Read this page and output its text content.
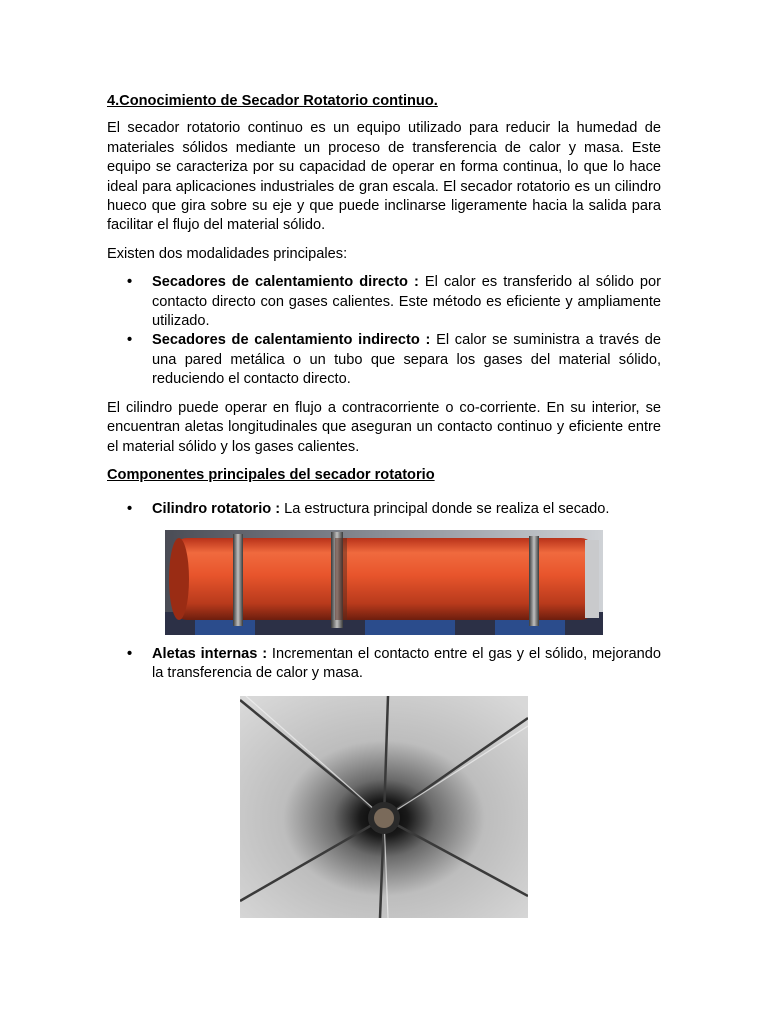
4.Conocimiento de Secador Rotatorio continuo.

El secador rotatorio continuo es un equipo utilizado para reducir la humedad de materiales sólidos mediante un proceso de transferencia de calor y masa. Este equipo se caracteriza por su capacidad de operar en forma continua, lo que lo hace ideal para aplicaciones industriales de gran escala. El secador rotatorio es un cilindro hueco que gira sobre su eje y que puede inclinarse ligeramente hacia la salida para facilitar el flujo del material sólido.

Existen dos modalidades principales:

• Secadores de calentamiento directo : El calor es transferido al sólido por contacto directo con gases calientes. Este método es eficiente y ampliamente utilizado.
• Secadores de calentamiento indirecto : El calor se suministra a través de una pared metálica o un tubo que separa los gases del material sólido, reduciendo el contacto directo.

El cilindro puede operar en flujo a contracorriente o co-corriente. En su interior, se encuentran aletas longitudinales que aseguran un contacto continuo y eficiente entre el material sólido y los gases calientes.

Componentes principales del secador rotatorio
• Cilindro rotatorio : La estructura principal donde se realiza el secado.
• Aletas internas : Incrementan el contacto entre el gas y el sólido, mejorando la transferencia de calor y masa.
